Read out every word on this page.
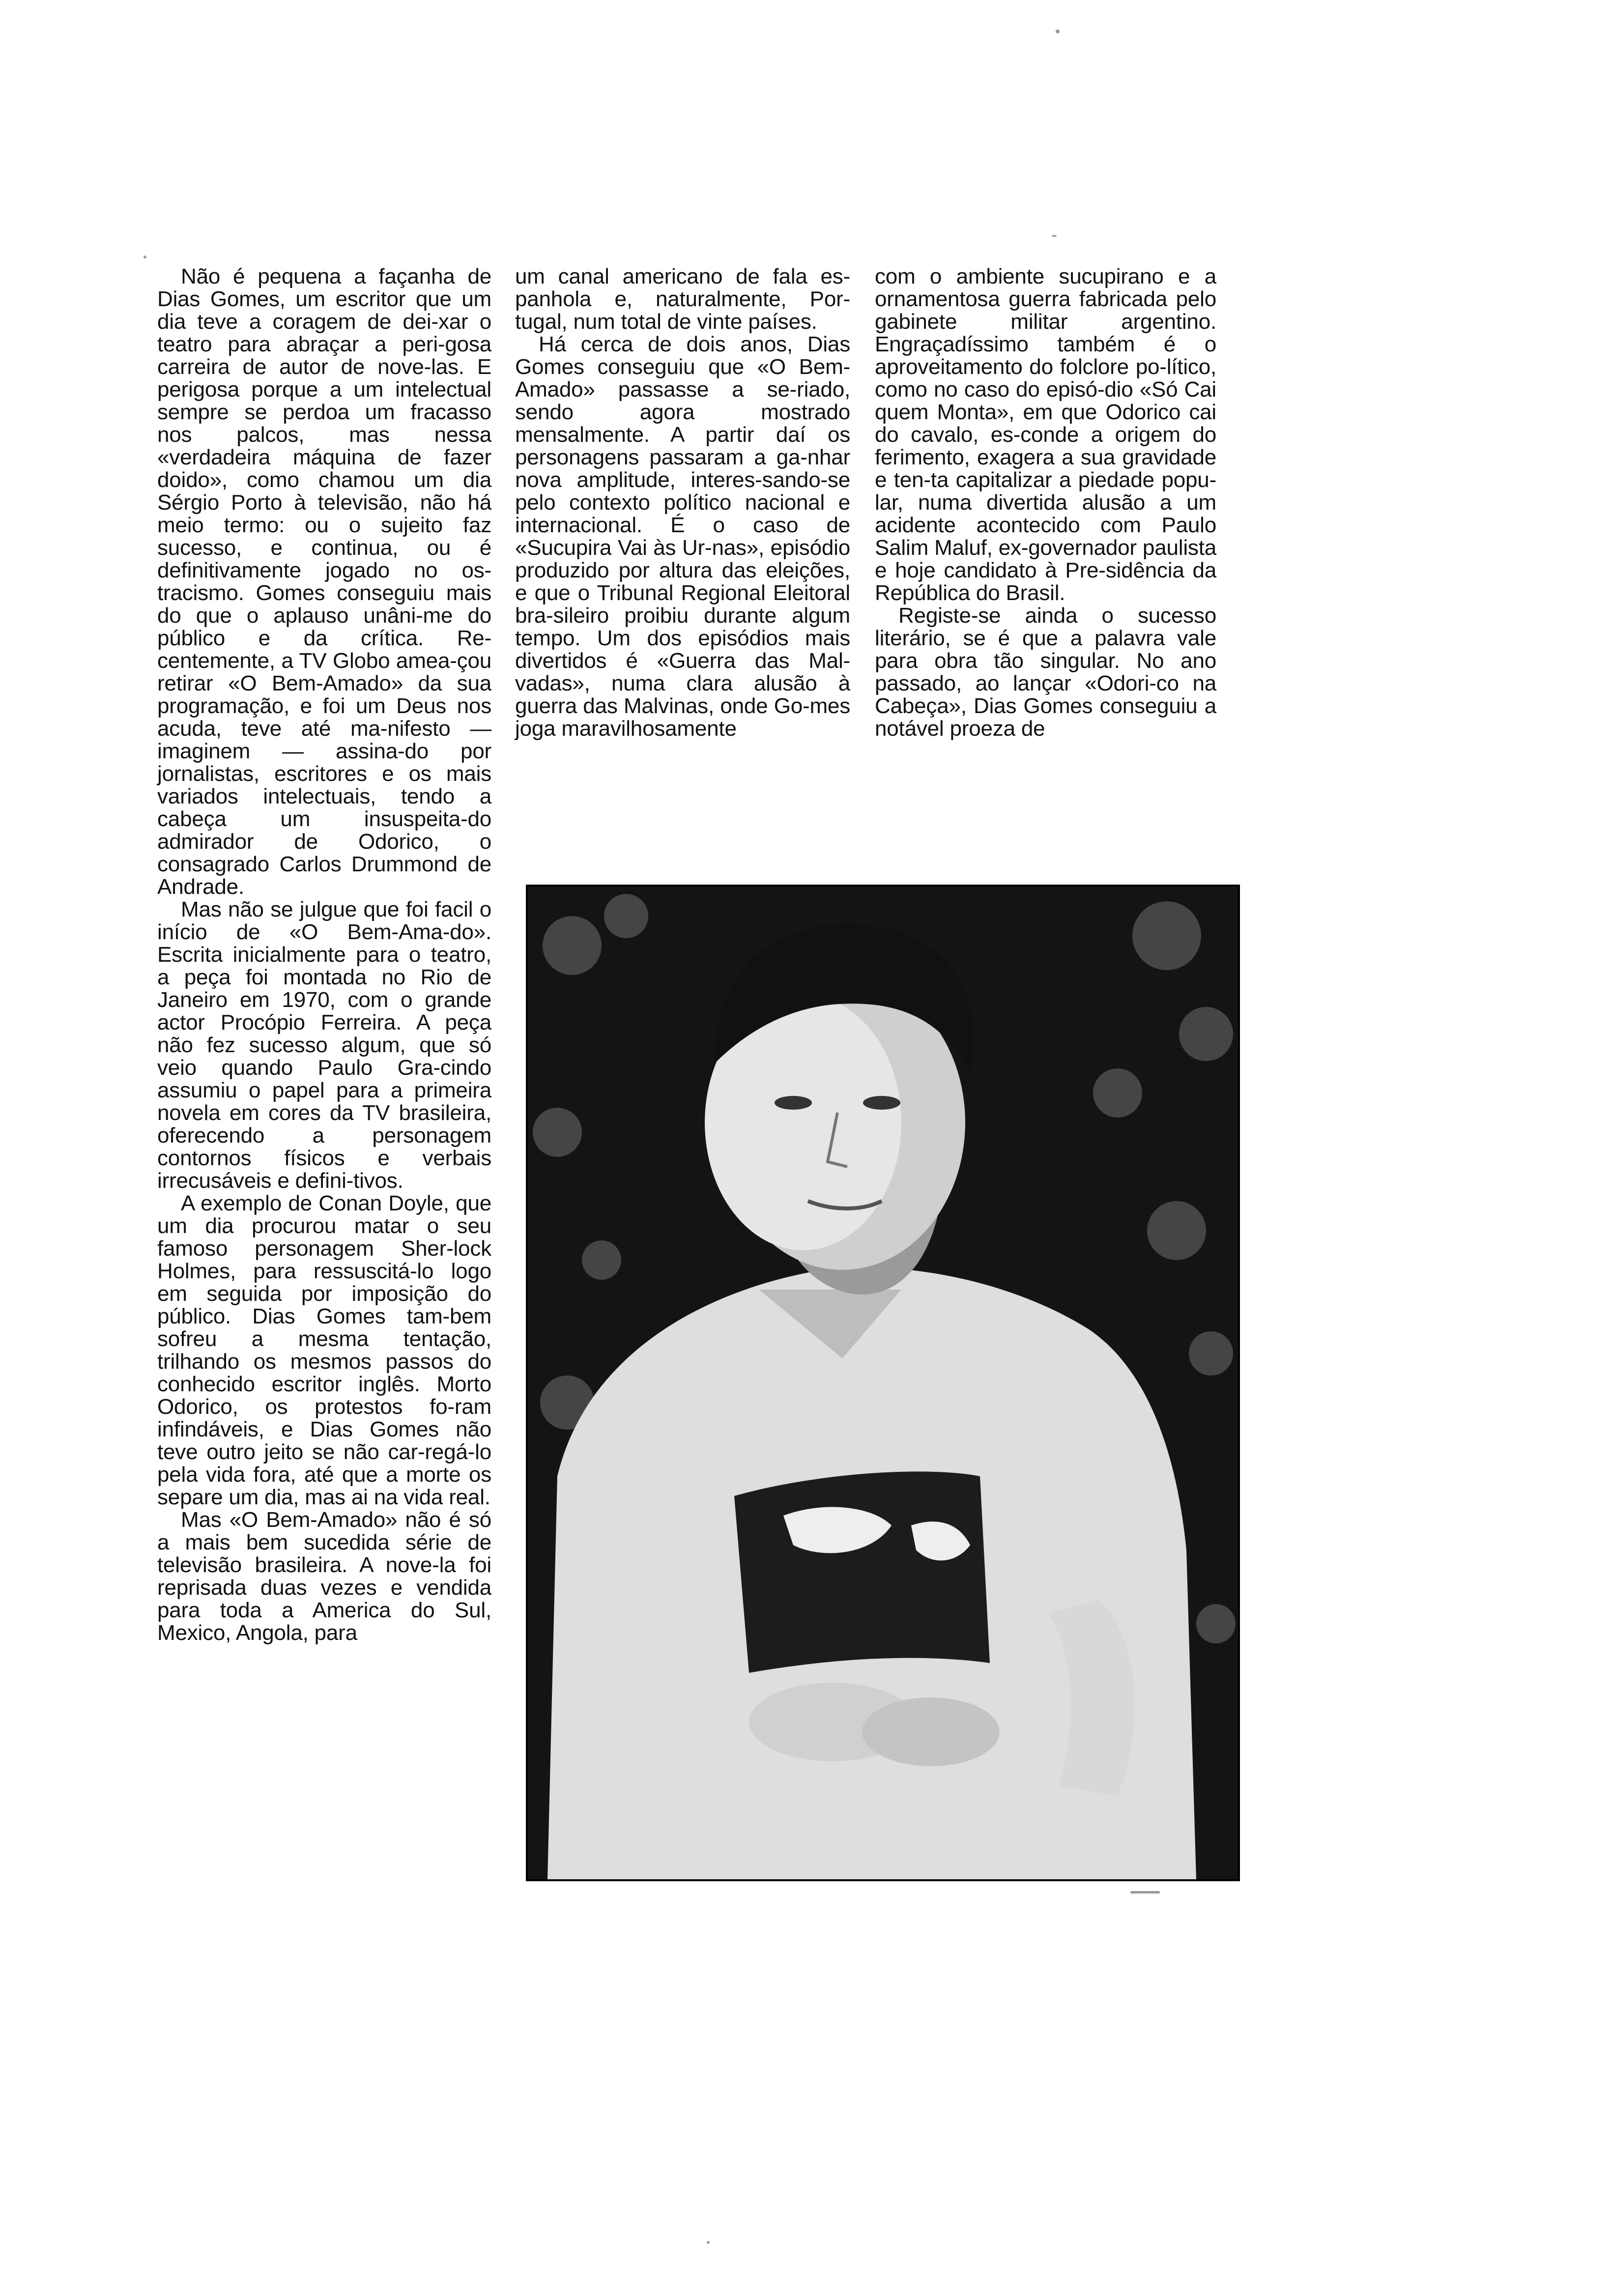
Não é pequena a façanha de Dias Gomes, um escritor que um dia teve a coragem de dei-xar o teatro para abraçar a peri-gosa carreira de autor de nove-las. E perigosa porque a um intelectual sempre se perdoa um fracasso nos palcos, mas nessa «verdadeira máquina de fazer doido», como chamou um dia Sérgio Porto à televisão, não há meio termo: ou o sujeito faz sucesso, e continua, ou é definitivamente jogado no os-tracismo. Gomes conseguiu mais do que o aplauso unâni-me do público e da crítica. Re-centemente, a TV Globo amea-çou retirar «O Bem-Amado» da sua programação, e foi um Deus nos acuda, teve até ma-nifesto — imaginem — assina-do por jornalistas, escritores e os mais variados intelectuais, tendo a cabeça um insuspeita-do admirador de Odorico, o consagrado Carlos Drummond de Andrade.

Mas não se julgue que foi facil o início de «O Bem-Ama-do». Escrita inicialmente para o teatro, a peça foi montada no Rio de Janeiro em 1970, com o grande actor Procópio Ferreira. A peça não fez sucesso algum, que só veio quando Paulo Gra-cindo assumiu o papel para a primeira novela em cores da TV brasileira, oferecendo a personagem contornos físicos e verbais irrecusáveis e defini-tivos.

A exemplo de Conan Doyle, que um dia procurou matar o seu famoso personagem Sher-lock Holmes, para ressuscitá-lo logo em seguida por imposição do público. Dias Gomes tam-bem sofreu a mesma tentação, trilhando os mesmos passos do conhecido escritor inglês. Morto Odorico, os protestos fo-ram infindáveis, e Dias Gomes não teve outro jeito se não car-regá-lo pela vida fora, até que a morte os separe um dia, mas ai na vida real.

Mas «O Bem-Amado» não é só a mais bem sucedida série de televisão brasileira. A nove-la foi reprisada duas vezes e vendida para toda a America do Sul, Mexico, Angola, para

um canal americano de fala es-panhola e, naturalmente, Por-tugal, num total de vinte países.

Há cerca de dois anos, Dias Gomes conseguiu que «O Bem- Amado» passasse a se-riado, sendo agora mostrado mensalmente. A partir daí os personagens passaram a ga-nhar nova amplitude, interes-sando-se pelo contexto político nacional e internacional. É o caso de «Sucupira Vai às Ur-nas», episódio produzido por altura das eleições, e que o Tribunal Regional Eleitoral bra-sileiro proibiu durante algum tempo. Um dos episódios mais divertidos é «Guerra das Mal-vadas», numa clara alusão à guerra das Malvinas, onde Go-mes joga maravilhosamente

com o ambiente sucupirano e a ornamentosa guerra fabricada pelo gabinete militar argentino. Engraçadíssimo também é o aproveitamento do folclore po-lítico, como no caso do episó-dio «Só Cai quem Monta», em que Odorico cai do cavalo, es-conde a origem do ferimento, exagera a sua gravidade e ten-ta capitalizar a piedade popu-lar, numa divertida alusão a um acidente acontecido com Paulo Salim Maluf, ex-governador paulista e hoje candidato à Pre-sidência da República do Brasil.

Registe-se ainda o sucesso literário, se é que a palavra vale para obra tão singular. No ano passado, ao lançar «Odori-co na Cabeça», Dias Gomes conseguiu a notável proeza de
